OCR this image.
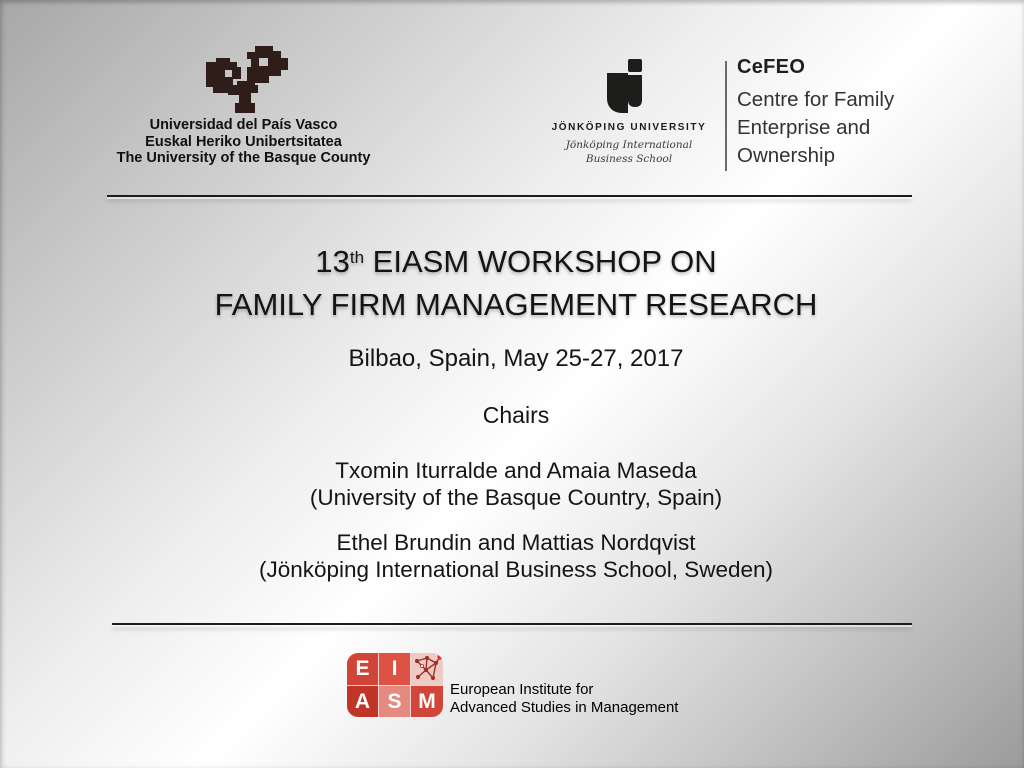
Universidad del País Vasco
Euskal Heriko Unibertsitatea
The University of the Basque County
JÖNKÖPING UNIVERSITY
Jönköping International
Business School
CeFEO
Centre for Family
Enterprise and
Ownership
13th EIASM WORKSHOP ON
FAMILY FIRM MANAGEMENT RESEARCH
Bilbao, Spain, May 25-27, 2017
Chairs
Txomin Iturralde and Amaia Maseda
(University of the Basque Country, Spain)
Ethel Brundin and Mattias Nordqvist
(Jönköping International Business School, Sweden)
E	I
A S M European Institute for
Advanced Studies in Management
